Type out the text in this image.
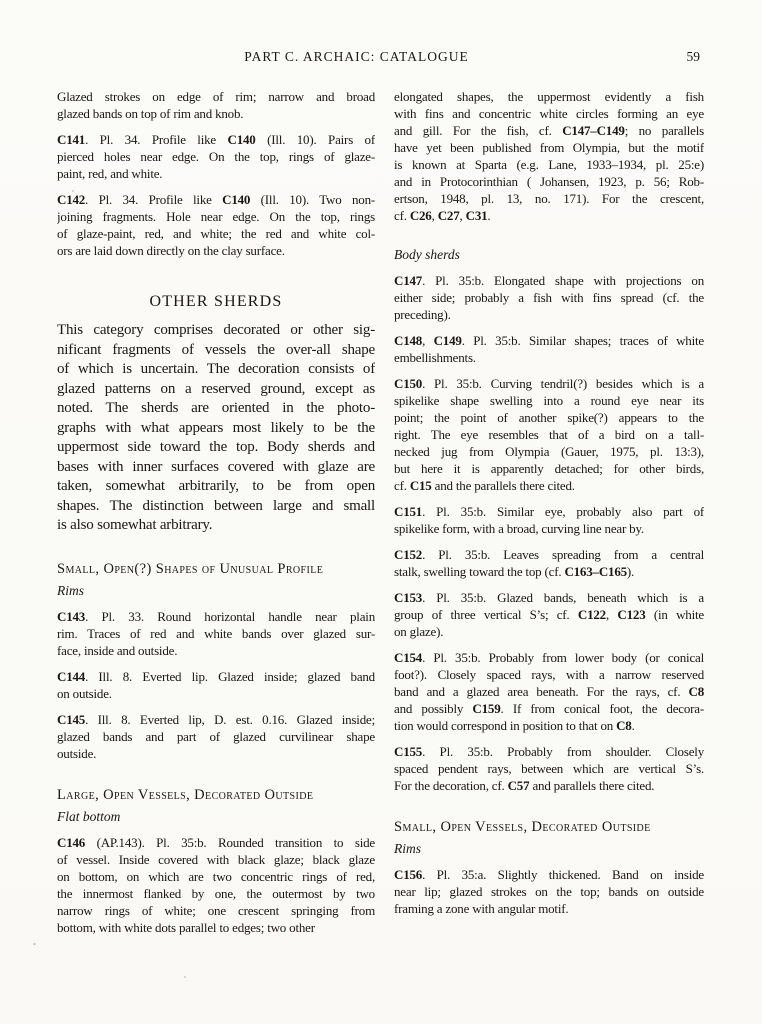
PART C. ARCHAIC: CATALOGUE	59
Glazed strokes on edge of rim; narrow and broad
glazed bands on top of rim and knob.
C141. Pl. 34. Profile like C140 (Ill. 10). Pairs of
pierced holes near edge. On the top, rings of glaze-
paint, red, and white.
C142. Pl. 34. Profile like C140 (Ill. 10). Two non-
joining fragments. Hole near edge. On the top, rings
of glaze-paint, red, and white; the red and white col-
ors are laid down directly on the clay surface.
OTHER SHERDS
This category comprises decorated or other sig-
nificant fragments of vessels the over-all shape
of which is uncertain. The decoration consists of
glazed patterns on a reserved ground, except as
noted. The sherds are oriented in the photo-
graphs with what appears most likely to be the
uppermost side toward the top. Body sherds and
bases with inner surfaces covered with glaze are
taken, somewhat arbitrarily, to be from open
shapes. The distinction between large and small
is also somewhat arbitrary.
Small, Open(?) Shapes of Unusual Profile
Rims
C143. Pl. 33. Round horizontal handle near plain
rim. Traces of red and white bands over glazed sur-
face, inside and outside.
C144. Ill. 8. Everted lip. Glazed inside; glazed band
on outside.
C145. Ill. 8. Everted lip, D. est. 0.16. Glazed inside;
glazed bands and part of glazed curvilinear shape
outside.
Large, Open Vessels, Decorated Outside
Flat bottom
C146 (AP.143). Pl. 35:b. Rounded transition to side
of vessel. Inside covered with black glaze; black glaze
on bottom, on which are two concentric rings of red,
the innermost flanked by one, the outermost by two
narrow rings of white; one crescent springing from
bottom, with white dots parallel to edges; two other
elongated shapes, the uppermost evidently a fish
with fins and concentric white circles forming an eye
and gill. For the fish, cf. C147–C149; no parallels
have yet been published from Olympia, but the motif
is known at Sparta (e.g. Lane, 1933–1934, pl. 25:e)
and in Protocorinthian ( Johansen, 1923, p. 56; Rob-
ertson, 1948, pl. 13, no. 171). For the crescent,
cf. C26, C27, C31.
Body sherds
C147. Pl. 35:b. Elongated shape with projections on
either side; probably a fish with fins spread (cf. the
preceding).
C148, C149. Pl. 35:b. Similar shapes; traces of white
embellishments.
C150. Pl. 35:b. Curving tendril(?) besides which is a
spikelike shape swelling into a round eye near its
point; the point of another spike(?) appears to the
right. The eye resembles that of a bird on a tall-
necked jug from Olympia (Gauer, 1975, pl. 13:3),
but here it is apparently detached; for other birds,
cf. C15 and the parallels there cited.
C151. Pl. 35:b. Similar eye, probably also part of
spikelike form, with a broad, curving line near by.
C152. Pl. 35:b. Leaves spreading from a central
stalk, swelling toward the top (cf. C163–C165).
C153. Pl. 35:b. Glazed bands, beneath which is a
group of three vertical S’s; cf. C122, C123 (in white
on glaze).
C154. Pl. 35:b. Probably from lower body (or conical
foot?). Closely spaced rays, with a narrow reserved
band and a glazed area beneath. For the rays, cf. C8
and possibly C159. If from conical foot, the decora-
tion would correspond in position to that on C8.
C155. Pl. 35:b. Probably from shoulder. Closely
spaced pendent rays, between which are vertical S’s.
For the decoration, cf. C57 and parallels there cited.
Small, Open Vessels, Decorated Outside
Rims
C156. Pl. 35:a. Slightly thickened. Band on inside
near lip; glazed strokes on the top; bands on outside
framing a zone with angular motif.
